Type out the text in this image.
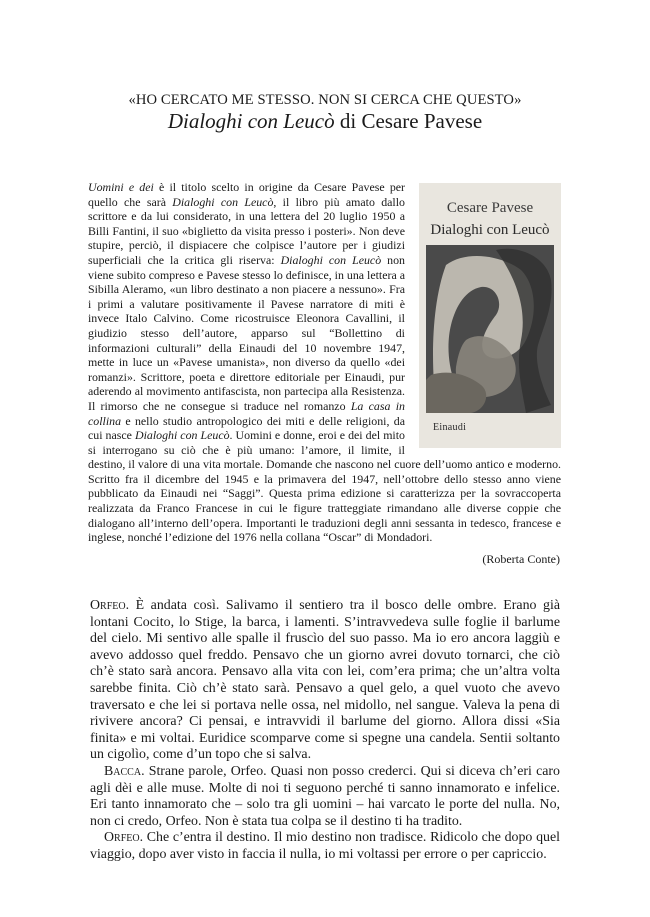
«HO CERCATO ME STESSO. NON SI CERCA CHE QUESTO»
Dialoghi con Leucò di Cesare Pavese
Cesare Pavese
Dialoghi con Leucò
Einaudi

Uomini e dei è il titolo scelto in origine da Cesare Pavese per quello che sarà Dialoghi con Leucò, il libro più amato dallo scrittore e da lui considerato, in una lettera del 20 luglio 1950 a Billi Fantini, il suo «biglietto da visita presso i posteri». Non deve stupire, perciò, il dispiacere che colpisce l’autore per i giudizi superficiali che la critica gli riserva: Dialoghi con Leucò non viene subito compreso e Pavese stesso lo definisce, in una lettera a Sibilla Aleramo, «un libro destinato a non piacere a nessuno». Fra i primi a valutare positivamente il Pavese narratore di miti è invece Italo Calvino. Come ricostruisce Eleonora Cavallini, il giudizio stesso dell’autore, apparso sul “Bollettino di informazioni culturali” della Einaudi del 10 novembre 1947, mette in luce un «Pavese umanista», non diverso da quello «dei romanzi». Scrittore, poeta e direttore editoriale per Einaudi, pur aderendo al movimento antifascista, non partecipa alla Resistenza. Il rimorso che ne consegue si traduce nel romanzo La casa in collina e nello studio antropologico dei miti e delle religioni, da cui nasce Dialoghi con Leucò. Uomini e donne, eroi e dei del mito si interrogano su ciò che è più umano: l’amore, il limite, il destino, il valore di una vita mortale. Domande che nascono nel cuore dell’uomo antico e moderno. Scritto fra il dicembre del 1945 e la primavera del 1947, nell’ottobre dello stesso anno viene pubblicato da Einaudi nei “Saggi”. Questa prima edizione si caratterizza per la sovraccoperta realizzata da Franco Francese in cui le figure tratteggiate rimandano alle diverse coppie che dialogano all’interno dell’opera. Importanti le traduzioni degli anni sessanta in tedesco, francese e inglese, nonché l’edizione del 1976 nella collana “Oscar” di Mondadori.

(Roberta Conte)

Orfeo. È andata così. Salivamo il sentiero tra il bosco delle ombre. Erano già lontani Cocito, lo Stige, la barca, i lamenti. S’intravvedeva sulle foglie il barlume del cielo. Mi sentivo alle spalle il fruscìo del suo passo. Ma io ero ancora laggiù e avevo addosso quel freddo. Pensavo che un giorno avrei dovuto tornarci, che ciò ch’è stato sarà ancora. Pensavo alla vita con lei, com’era prima; che un’altra volta sarebbe finita. Ciò ch’è stato sarà. Pensavo a quel gelo, a quel vuoto che avevo traversato e che lei si portava nelle ossa, nel midollo, nel sangue. Valeva la pena di rivivere ancora? Ci pensai, e intravvidi il barlume del giorno. Allora dissi «Sia finita» e mi voltai. Euridice scomparve come si spegne una candela. Sentii soltanto un cigolìo, come d’un topo che si salva.

Bacca. Strane parole, Orfeo. Quasi non posso crederci. Qui si diceva ch’eri caro agli dèi e alle muse. Molte di noi ti seguono perché ti sanno innamorato e infelice. Eri tanto innamorato che – solo tra gli uomini – hai varcato le porte del nulla. No, non ci credo, Orfeo. Non è stata tua colpa se il destino ti ha tradito.

Orfeo. Che c’entra il destino. Il mio destino non tradisce. Ridicolo che dopo quel viaggio, dopo aver visto in faccia il nulla, io mi voltassi per errore o per capriccio.
